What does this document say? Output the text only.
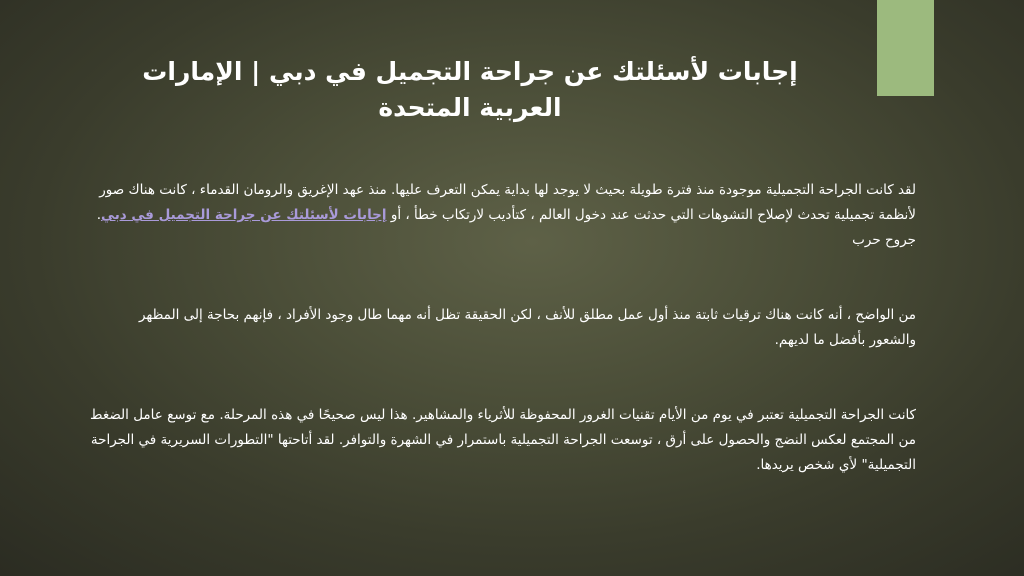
إجابات لأسئلتك عن جراحة التجميل في دبي | الإمارات العربية المتحدة

لقد كانت الجراحة التجميلية موجودة منذ فترة طويلة بحيث لا يوجد لها بداية يمكن التعرف عليها. منذ عهد الإغريق والرومان القدماء ، كانت هناك صور لأنظمة تجميلية تحدث لإصلاح التشوهات التي حدثت عند دخول العالم ، كتأديب لارتكاب خطأ ، أو إجابات لأسئلتك عن جراحة التجميل في دبي. جروح حرب

من الواضح ، أنه كانت هناك ترقيات ثابتة منذ أول عمل مطلق للأنف ، لكن الحقيقة تظل أنه مهما طال وجود الأفراد ، فإنهم بحاجة إلى المظهر والشعور بأفضل ما لديهم.

كانت الجراحة التجميلية تعتبر في يوم من الأيام تقنيات الغرور المحفوظة للأثرياء والمشاهير. هذا ليس صحيحًا في هذه المرحلة. مع توسع عامل الضغط من المجتمع لعكس النضج والحصول على أرق ، توسعت الجراحة التجميلية باستمرار في الشهرة والتوافر. لقد أتاحتها "التطورات السريرية في الجراحة التجميلية" لأي شخص يريدها.
